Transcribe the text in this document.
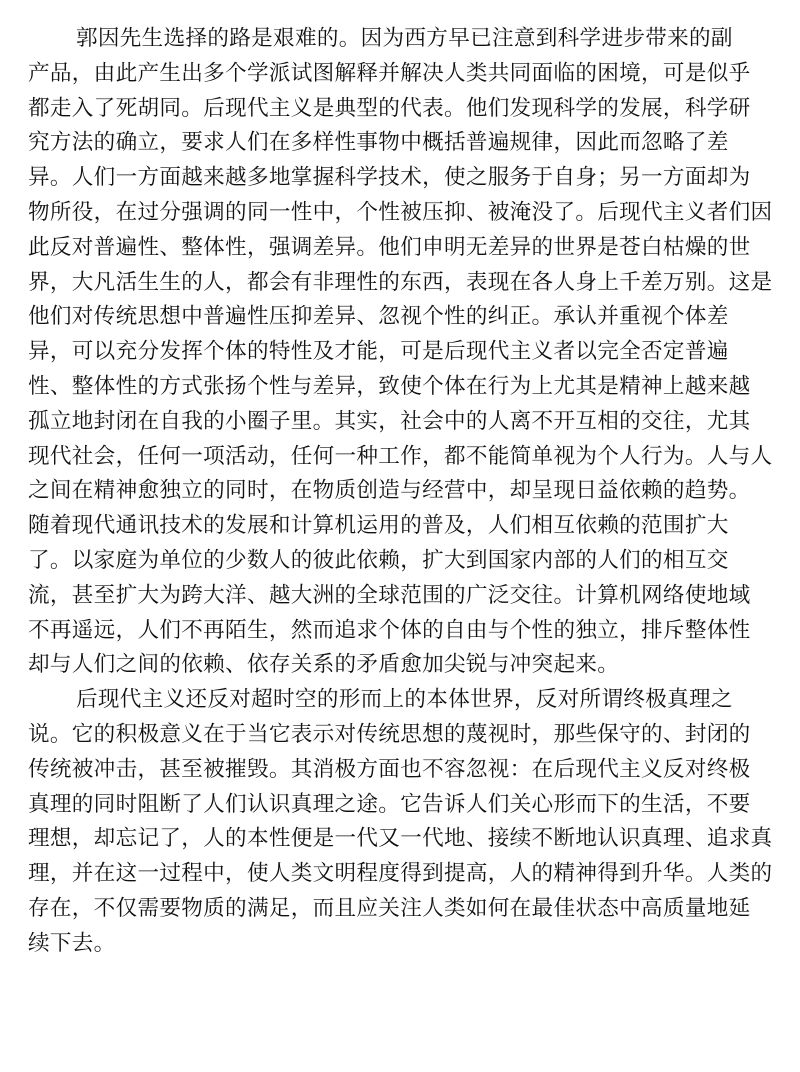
郭因先生选择的路是艰难的。因为西方早已注意到科学进步带来的副
产品，由此产生出多个学派试图解释并解决人类共同面临的困境，可是似乎
都走入了死胡同。后现代主义是典型的代表。他们发现科学的发展，科学研
究方法的确立，要求人们在多样性事物中概括普遍规律，因此而忽略了差
异。人们一方面越来越多地掌握科学技术，使之服务于自身；另一方面却为
物所役，在过分强调的同一性中，个性被压抑、被淹没了。后现代主义者们因
此反对普遍性、整体性，强调差异。他们申明无差异的世界是苍白枯燥的世
界，大凡活生生的人，都会有非理性的东西，表现在各人身上千差万别。这是
他们对传统思想中普遍性压抑差异、忽视个性的纠正。承认并重视个体差
异，可以充分发挥个体的特性及才能，可是后现代主义者以完全否定普遍
性、整体性的方式张扬个性与差异，致使个体在行为上尤其是精神上越来越
孤立地封闭在自我的小圈子里。其实，社会中的人离不开互相的交往，尤其
现代社会，任何一项活动，任何一种工作，都不能简单视为个人行为。人与人
之间在精神愈独立的同时，在物质创造与经营中，却呈现日益依赖的趋势。
随着现代通讯技术的发展和计算机运用的普及，人们相互依赖的范围扩大
了。以家庭为单位的少数人的彼此依赖，扩大到国家内部的人们的相互交
流，甚至扩大为跨大洋、越大洲的全球范围的广泛交往。计算机网络使地域
不再遥远，人们不再陌生，然而追求个体的自由与个性的独立，排斥整体性
却与人们之间的依赖、依存关系的矛盾愈加尖锐与冲突起来。
后现代主义还反对超时空的形而上的本体世界，反对所谓终极真理之
说。它的积极意义在于当它表示对传统思想的蔑视时，那些保守的、封闭的
传统被冲击，甚至被摧毁。其消极方面也不容忽视：在后现代主义反对终极
真理的同时阻断了人们认识真理之途。它告诉人们关心形而下的生活，不要
理想，却忘记了，人的本性便是一代又一代地、接续不断地认识真理、追求真
理，并在这一过程中，使人类文明程度得到提高，人的精神得到升华。人类的
存在，不仅需要物质的满足，而且应关注人类如何在最佳状态中高质量地延
续下去。
